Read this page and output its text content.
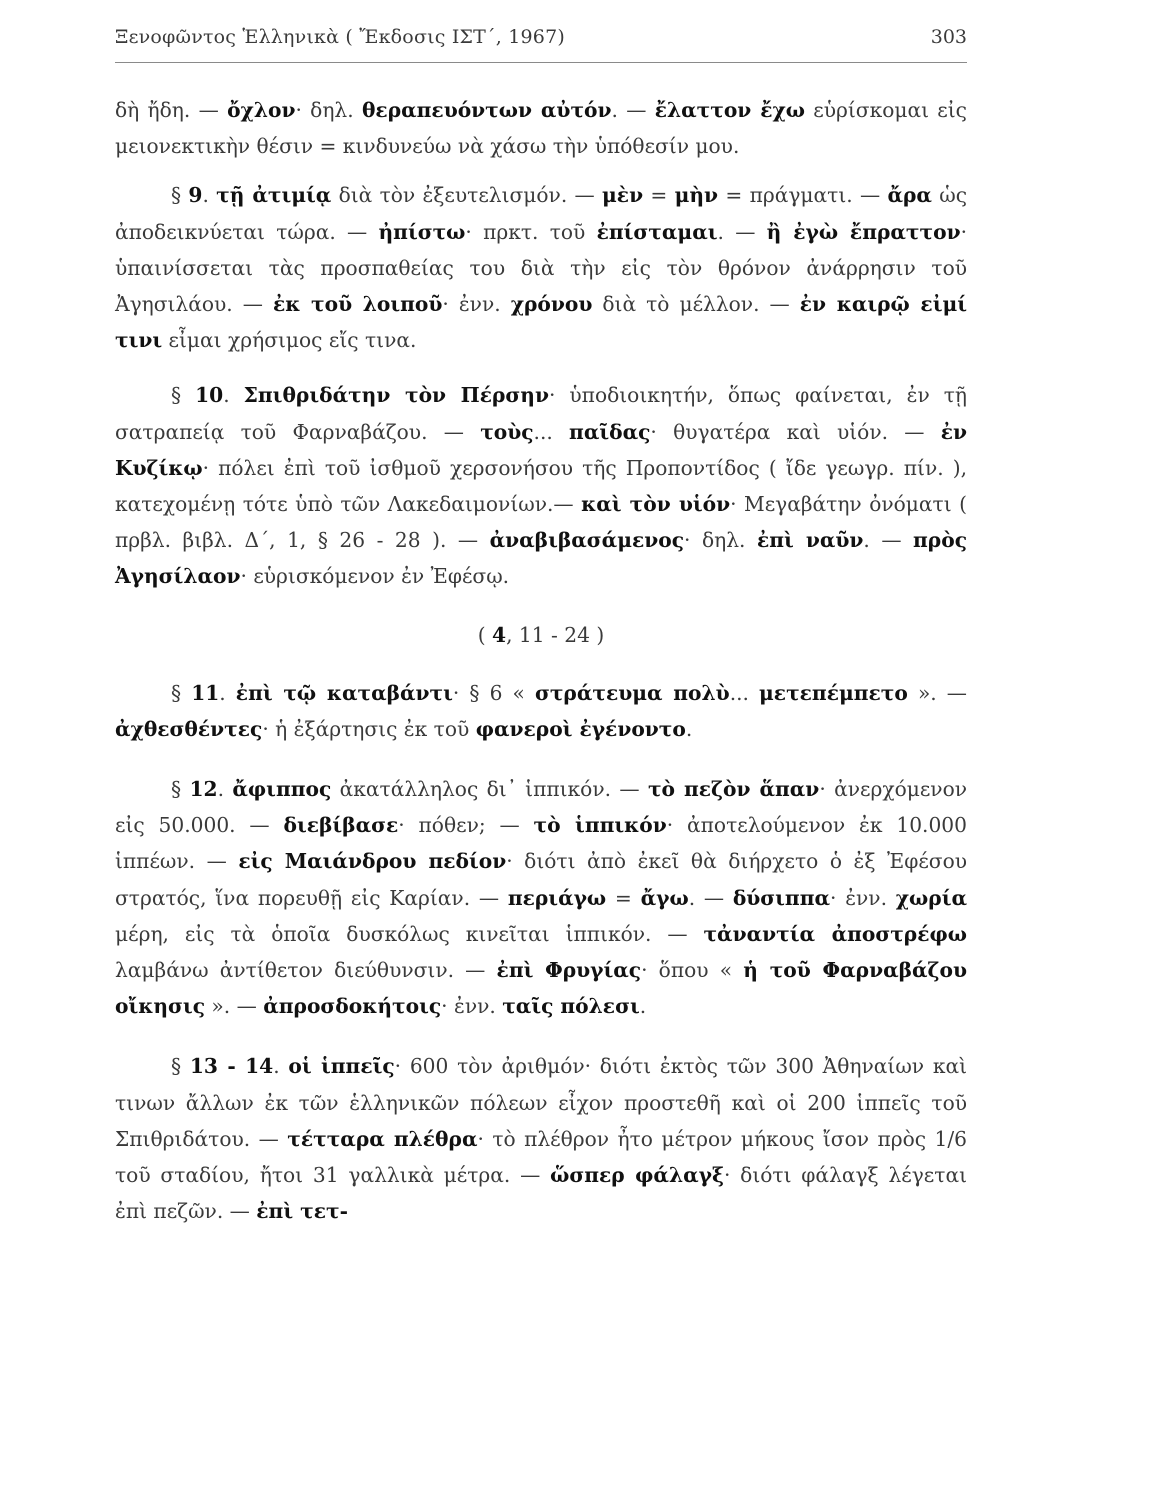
Ξενοφῶντος Ἑλληνικὰ ( Ἔκδοσις ΙΣΤ΄, 1967)	303

δὴ ἤδη. — ὄχλον· δηλ. θεραπευόντων αὐτόν. — ἔλαττον ἔχω εὑρίσκομαι εἰς μειονεκτικὴν θέσιν = κινδυνεύω νὰ χάσω τὴν ὑπόθεσίν μου.

§ 9. τῇ ἀτιμίᾳ διὰ τὸν ἐξευτελισμόν. — μὲν = μὴν = πράγματι. — ἄρα ὡς ἀποδεικνύεται τώρα. — ἠπίστω· πρκτ. τοῦ ἐπίσταμαι. — ἢ ἐγὼ ἔπραττον· ὑπαινίσσεται τὰς προσπαθείας του διὰ τὴν εἰς τὸν θρόνον ἀνάρρησιν τοῦ Ἀγησιλάου. — ἐκ τοῦ λοιποῦ· ἐνν. χρόνου διὰ τὸ μέλλον. — ἐν καιρῷ εἰμί τινι εἶμαι χρήσιμος εἴς τινα.

§ 10. Σπιθριδάτην τὸν Πέρσην· ὑποδιοικητήν, ὅπως φαίνεται, ἐν τῇ σατραπείᾳ τοῦ Φαρναβάζου. — τοὺς... παῖδας· θυγατέρα καὶ υἱόν. — ἐν Κυζίκῳ· πόλει ἐπὶ τοῦ ἰσθμοῦ χερσονήσου τῆς Προποντίδος ( ἴδε γεωγρ. πίν. ), κατεχομένῃ τότε ὑπὸ τῶν Λακεδαιμονίων.— καὶ τὸν υἱόν· Μεγαβάτην ὀνόματι ( πρβλ. βιβλ. Δ΄, 1, § 26 - 28 ). — ἀναβιβασάμενος· δηλ. ἐπὶ ναῦν. — πρὸς Ἀγησίλαον· εὑρισκόμενον ἐν Ἐφέσῳ.

( 4, 11 - 24 )

§ 11. ἐπὶ τῷ καταβάντι· § 6 « στράτευμα πολὺ... μετεπέμπετο ». — ἀχθεσθέντες· ἡ ἐξάρτησις ἐκ τοῦ φανεροὶ ἐγένοντο.

§ 12. ἄφιππος ἀκατάλληλος δι᾽ ἱππικόν. — τὸ πεζὸν ἅπαν· ἀνερχόμενον εἰς 50.000. — διεβίβασε· πόθεν; — τὸ ἱππικόν· ἀποτελούμενον ἐκ 10.000 ἱππέων. — εἰς Μαιάνδρου πεδίον· διότι ἀπὸ ἐκεῖ θὰ διήρχετο ὁ ἐξ Ἐφέσου στρατός, ἵνα πορευθῇ εἰς Καρίαν. — περιάγω = ἄγω. — δύσιππα· ἐνν. χωρία μέρη, εἰς τὰ ὁποῖα δυσκόλως κινεῖται ἱππικόν. — τἀναντία ἀποστρέφω λαμβάνω ἀντίθετον διεύθυνσιν. — ἐπὶ Φρυγίας· ὅπου « ἡ τοῦ Φαρναβάζου οἴκησις ». — ἀπροσδοκήτοις· ἐνν. ταῖς πόλεσι.

§ 13 - 14. οἱ ἱππεῖς· 600 τὸν ἀριθμόν· διότι ἐκτὸς τῶν 300 Ἀθηναίων καὶ τινων ἄλλων ἐκ τῶν ἑλληνικῶν πόλεων εἶχον προστεθῆ καὶ οἱ 200 ἱππεῖς τοῦ Σπιθριδάτου. — τέτταρα πλέθρα· τὸ πλέθρον ἦτο μέτρον μήκους ἴσον πρὸς 1/6 τοῦ σταδίου, ἤτοι 31 γαλλικὰ μέτρα. — ὥσπερ φάλαγξ· διότι φάλαγξ λέγεται ἐπὶ πεζῶν. — ἐπὶ τετ-
